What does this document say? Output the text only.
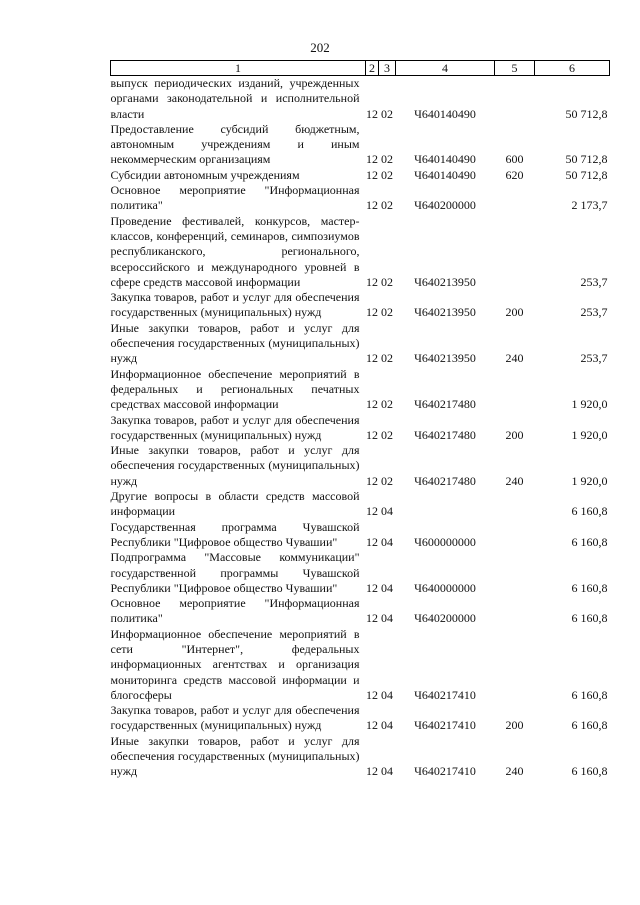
202
1	2	3	4	5	6
выпуск периодических изданий, учрежденных органами законодательной и исполнительной власти	12	02	Ч640140490		50 712,8
Предоставление субсидий бюджетным, автономным учреждениям и иным некоммерческим организациям	12	02	Ч640140490	600	50 712,8
Субсидии автономным учреждениям	12	02	Ч640140490	620	50 712,8
Основное мероприятие "Информационная политика"	12	02	Ч640200000		2 173,7
Проведение фестивалей, конкурсов, мастер-классов, конференций, семинаров, симпозиумов республиканского, регионального, всероссийского и международного уровней в сфере средств массовой информации	12	02	Ч640213950		253,7
Закупка товаров, работ и услуг для обеспечения государственных (муниципальных) нужд	12	02	Ч640213950	200	253,7
Иные закупки товаров, работ и услуг для обеспечения государственных (муниципальных) нужд	12	02	Ч640213950	240	253,7
Информационное обеспечение мероприятий в федеральных и региональных печатных средствах массовой информации	12	02	Ч640217480		1 920,0
Закупка товаров, работ и услуг для обеспечения государственных (муниципальных) нужд	12	02	Ч640217480	200	1 920,0
Иные закупки товаров, работ и услуг для обеспечения государственных (муниципальных) нужд	12	02	Ч640217480	240	1 920,0
Другие вопросы в области средств массовой информации	12	04			6 160,8
Государственная программа Чувашской Республики "Цифровое общество Чувашии"	12	04	Ч600000000		6 160,8
Подпрограмма "Массовые коммуникации" государственной программы Чувашской Республики "Цифровое общество Чувашии"	12	04	Ч640000000		6 160,8
Основное мероприятие "Информационная политика"	12	04	Ч640200000		6 160,8
Информационное обеспечение мероприятий в сети "Интернет", федеральных информационных агентствах и организация мониторинга средств массовой информации и блогосферы	12	04	Ч640217410		6 160,8
Закупка товаров, работ и услуг для обеспечения государственных (муниципальных) нужд	12	04	Ч640217410	200	6 160,8
Иные закупки товаров, работ и услуг для обеспечения государственных (муниципальных) нужд	12	04	Ч640217410	240	6 160,8
